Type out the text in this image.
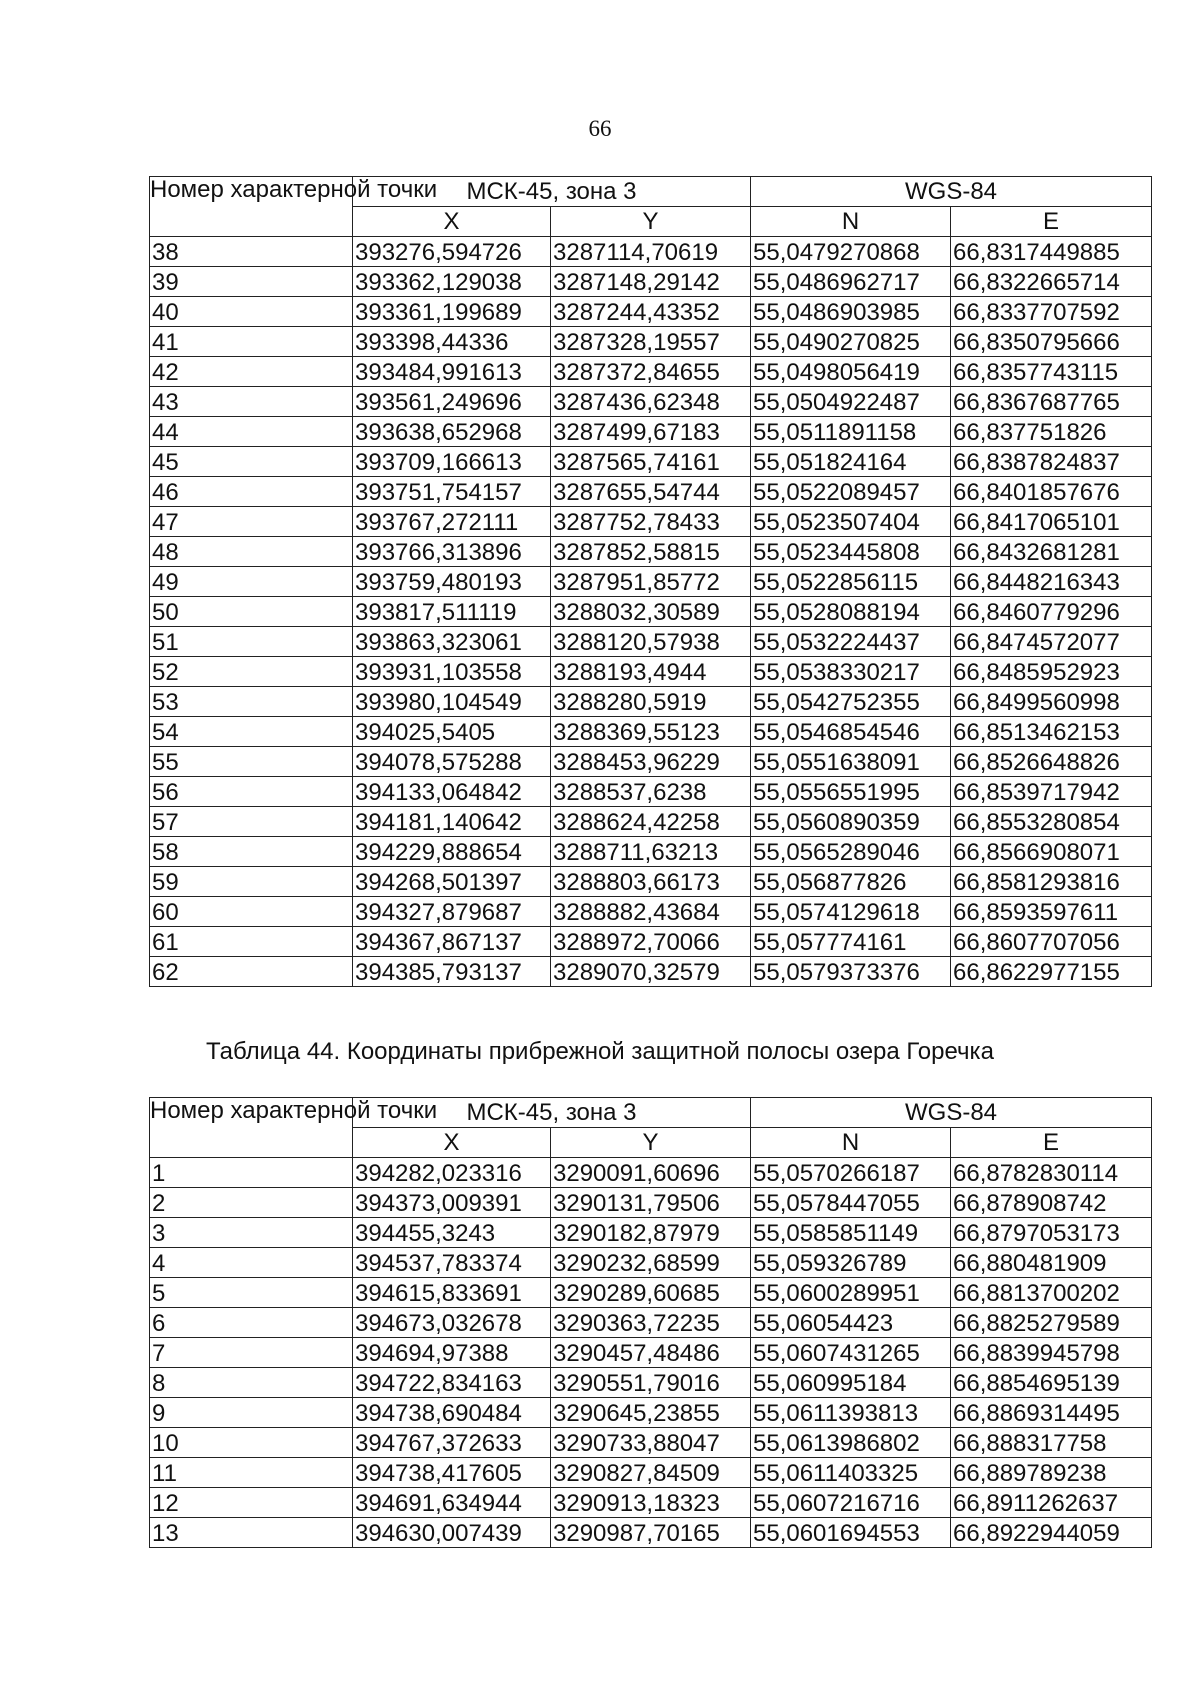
66
Номер характерной точки	МСК-45, зона 3		WGS-84	
	X	Y	N	E
38	393276,594726	3287114,70619	55,0479270868	66,8317449885
39	393362,129038	3287148,29142	55,0486962717	66,8322665714
40	393361,199689	3287244,43352	55,0486903985	66,8337707592
41	393398,44336	3287328,19557	55,0490270825	66,8350795666
42	393484,991613	3287372,84655	55,0498056419	66,8357743115
43	393561,249696	3287436,62348	55,0504922487	66,8367687765
44	393638,652968	3287499,67183	55,0511891158	66,837751826
45	393709,166613	3287565,74161	55,051824164	66,8387824837
46	393751,754157	3287655,54744	55,0522089457	66,8401857676
47	393767,272111	3287752,78433	55,0523507404	66,8417065101
48	393766,313896	3287852,58815	55,0523445808	66,8432681281
49	393759,480193	3287951,85772	55,0522856115	66,8448216343
50	393817,511119	3288032,30589	55,0528088194	66,8460779296
51	393863,323061	3288120,57938	55,0532224437	66,8474572077
52	393931,103558	3288193,4944	55,0538330217	66,8485952923
53	393980,104549	3288280,5919	55,0542752355	66,8499560998
54	394025,5405	3288369,55123	55,0546854546	66,8513462153
55	394078,575288	3288453,96229	55,0551638091	66,8526648826
56	394133,064842	3288537,6238	55,0556551995	66,8539717942
57	394181,140642	3288624,42258	55,0560890359	66,8553280854
58	394229,888654	3288711,63213	55,0565289046	66,8566908071
59	394268,501397	3288803,66173	55,056877826	66,8581293816
60	394327,879687	3288882,43684	55,0574129618	66,8593597611
61	394367,867137	3288972,70066	55,057774161	66,8607707056
62	394385,793137	3289070,32579	55,0579373376	66,8622977155
Таблица 44. Координаты прибрежной защитной полосы озера Горечка
Номер характерной точки	МСК-45, зона 3		WGS-84	
	X	Y	N	E
1	394282,023316	3290091,60696	55,0570266187	66,8782830114
2	394373,009391	3290131,79506	55,0578447055	66,878908742
3	394455,3243	3290182,87979	55,0585851149	66,8797053173
4	394537,783374	3290232,68599	55,059326789	66,880481909
5	394615,833691	3290289,60685	55,0600289951	66,8813700202
6	394673,032678	3290363,72235	55,06054423	66,8825279589
7	394694,97388	3290457,48486	55,0607431265	66,8839945798
8	394722,834163	3290551,79016	55,060995184	66,8854695139
9	394738,690484	3290645,23855	55,0611393813	66,8869314495
10	394767,372633	3290733,88047	55,0613986802	66,888317758
11	394738,417605	3290827,84509	55,0611403325	66,889789238
12	394691,634944	3290913,18323	55,0607216716	66,8911262637
13	394630,007439	3290987,70165	55,0601694553	66,8922944059
